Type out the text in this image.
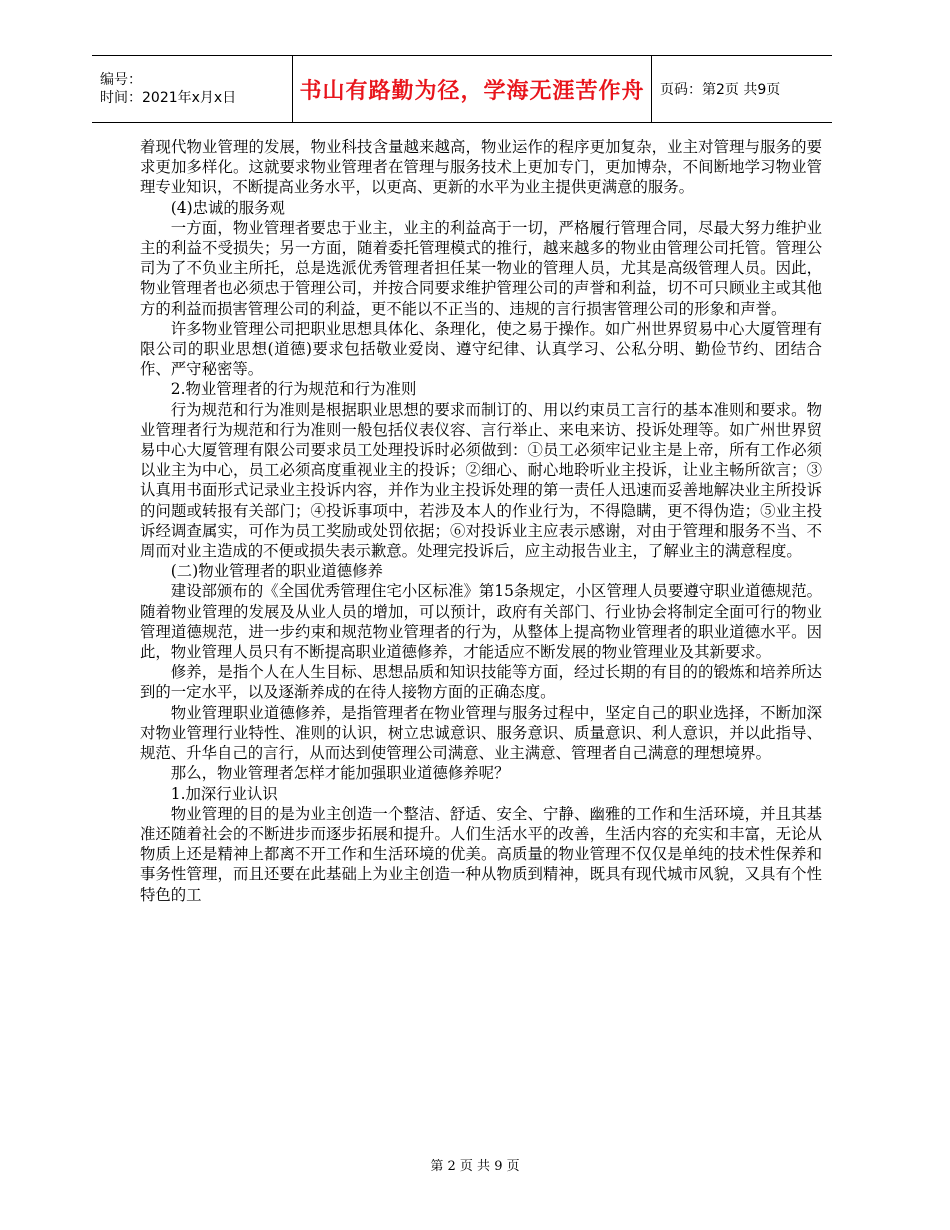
编号：
时间：2021年x月x日	书山有路勤为径，学海无涯苦作舟 页码：第2页 共9页

着现代物业管理的发展，物业科技含量越来越高，物业运作的程序更加复杂，业主对管理与服务的要求更加多样化。这就要求物业管理者在管理与服务技术上更加专门，更加博杂，不间断地学习物业管理专业知识，不断提高业务水平，以更高、更新的水平为业主提供更满意的服务。

(4)忠诚的服务观

一方面，物业管理者要忠于业主，业主的利益高于一切，严格履行管理合同，尽最大努力维护业主的利益不受损失；另一方面，随着委托管理模式的推行，越来越多的物业由管理公司托管。管理公司为了不负业主所托，总是选派优秀管理者担任某一物业的管理人员，尤其是高级管理人员。因此，物业管理者也必须忠于管理公司，并按合同要求维护管理公司的声誉和利益，切不可只顾业主或其他方的利益而损害管理公司的利益，更不能以不正当的、违规的言行损害管理公司的形象和声誉。

许多物业管理公司把职业思想具体化、条理化，使之易于操作。如广州世界贸易中心大厦管理有限公司的职业思想(道德)要求包括敬业爱岗、遵守纪律、认真学习、公私分明、勤俭节约、团结合作、严守秘密等。

2.物业管理者的行为规范和行为准则

行为规范和行为准则是根据职业思想的要求而制订的、用以约束员工言行的基本准则和要求。物业管理者行为规范和行为准则一般包括仪表仪容、言行举止、来电来访、投诉处理等。如广州世界贸易中心大厦管理有限公司要求员工处理投诉时必须做到：①员工必须牢记业主是上帝，所有工作必须以业主为中心，员工必须高度重视业主的投诉；②细心、耐心地聆听业主投诉，让业主畅所欲言；③认真用书面形式记录业主投诉内容，并作为业主投诉处理的第一责任人迅速而妥善地解决业主所投诉的问题或转报有关部门；④投诉事项中，若涉及本人的作业行为，不得隐瞒，更不得伪造；⑤业主投诉经调查属实，可作为员工奖励或处罚依据；⑥对投诉业主应表示感谢，对由于管理和服务不当、不周而对业主造成的不便或损失表示歉意。处理完投诉后，应主动报告业主，了解业主的满意程度。

(二)物业管理者的职业道德修养

建设部颁布的《全国优秀管理住宅小区标准》第15条规定，小区管理人员要遵守职业道德规范。随着物业管理的发展及从业人员的增加，可以预计，政府有关部门、行业协会将制定全面可行的物业管理道德规范，进一步约束和规范物业管理者的行为，从整体上提高物业管理者的职业道德水平。因此，物业管理人员只有不断提高职业道德修养，才能适应不断发展的物业管理业及其新要求。

修养，是指个人在人生目标、思想品质和知识技能等方面，经过长期的有目的的锻炼和培养所达到的一定水平，以及逐渐养成的在待人接物方面的正确态度。

物业管理职业道德修养，是指管理者在物业管理与服务过程中，坚定自己的职业选择，不断加深对物业管理行业特性、准则的认识，树立忠诚意识、服务意识、质量意识、利人意识，并以此指导、规范、升华自己的言行，从而达到使管理公司满意、业主满意、管理者自己满意的理想境界。

那么，物业管理者怎样才能加强职业道德修养呢？

1.加深行业认识

物业管理的目的是为业主创造一个整洁、舒适、安全、宁静、幽雅的工作和生活环境，并且其基准还随着社会的不断进步而逐步拓展和提升。人们生活水平的改善，生活内容的充实和丰富，无论从物质上还是精神上都离不开工作和生活环境的优美。高质量的物业管理不仅仅是单纯的技术性保养和事务性管理，而且还要在此基础上为业主创造一种从物质到精神，既具有现代城市风貌，又具有个性特色的工

第 2 页 共 9 页
